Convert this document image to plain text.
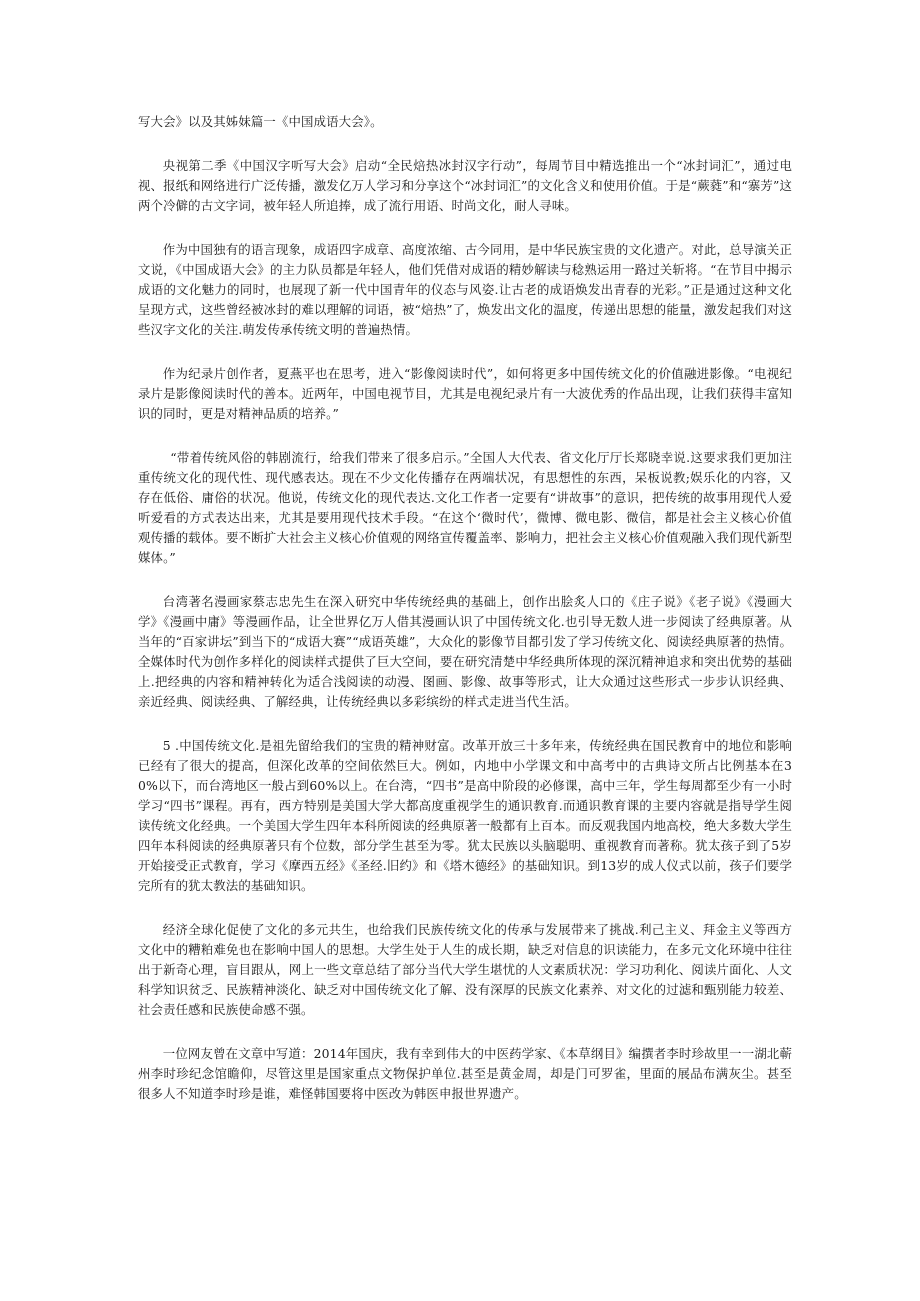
写大会》以及其姊妹篇一《中国成语大会》。

央视第二季《中国汉字听写大会》启动“全民焙热冰封汉字行动”，每周节目中精选推出一个“冰封词汇”，通过电视、报纸和网络进行广泛传播，激发亿万人学习和分享这个“冰封词汇”的文化含义和使用价值。于是“蕨蕤”和“寨芳”这两个冷僻的古文字词，被年轻人所追捧，成了流行用语、时尚文化，耐人寻味。

作为中国独有的语言现象，成语四字成章、高度浓缩、古今同用，是中华民族宝贵的文化遗产。对此，总导演关正文说，《中国成语大会》的主力队员都是年轻人，他们凭借对成语的精妙解读与稔熟运用一路过关斩将。“在节目中揭示成语的文化魅力的同时，也展现了新一代中国青年的仪态与风姿.让古老的成语焕发出青春的光彩。”正是通过这种文化呈现方式，这些曾经被冰封的难以理解的词语，被“焙热”了，焕发出文化的温度，传递出思想的能量，激发起我们对这些汉字文化的关注.萌发传承传统文明的普遍热情。

作为纪录片创作者，夏燕平也在思考，进入“影像阅读时代”，如何将更多中国传统文化的价值融进影像。“电视纪录片是影像阅读时代的善本。近两年，中国电视节目，尤其是电视纪录片有一大波优秀的作品出现，让我们获得丰富知识的同时，更是对精神品质的培养。”

“带着传统风俗的韩剧流行，给我们带来了很多启示。”全国人大代表、省文化厅厅长郑晓幸说.这要求我们更加注重传统文化的现代性、现代感表达。现在不少文化传播存在两端状况，有思想性的东西，呆板说教;娱乐化的内容，又存在低俗、庸俗的状况。他说，传统文化的现代表达.文化工作者一定要有“讲故事”的意识，把传统的故事用现代人爱听爱看的方式表达出来，尤其是要用现代技术手段。“在这个‘微时代’，微博、微电影、微信，都是社会主义核心价值观传播的载体。要不断扩大社会主义核心价值观的网络宣传覆盖率、影响力，把社会主义核心价值观融入我们现代新型媒体。”

台湾著名漫画家蔡志忠先生在深入研究中华传统经典的基础上，创作出脍炙人口的《庄子说》《老子说》《漫画大学》《漫画中庸》等漫画作品，让全世界亿万人借其漫画认识了中国传统文化.也引导无数人进一步阅读了经典原著。从当年的“百家讲坛”到当下的“成语大赛”“成语英雄”，大众化的影像节目都引发了学习传统文化、阅读经典原著的热情。全媒体时代为创作多样化的阅读样式提供了巨大空间，要在研究清楚中华经典所体现的深沉精神追求和突出优势的基础上.把经典的内容和精神转化为适合浅阅读的动漫、图画、影像、故事等形式，让大众通过这些形式一步步认识经典、亲近经典、阅读经典、了解经典，让传统经典以多彩缤纷的样式走进当代生活。

5 .中国传统文化.是祖先留给我们的宝贵的精神财富。改革开放三十多年来，传统经典在国民教育中的地位和影响已经有了很大的提高，但深化改革的空间依然巨大。例如，内地中小学课文和中高考中的古典诗文所占比例基本在30%以下，而台湾地区一般占到60%以上。在台湾，“四书”是高中阶段的必修课，高中三年，学生每周都至少有一小时学习“四书”课程。再有，西方特别是美国大学大都高度重视学生的通识教育.而通识教育课的主要内容就是指导学生阅读传统文化经典。一个美国大学生四年本科所阅读的经典原著一般都有上百本。而反观我国内地高校，绝大多数大学生四年本科阅读的经典原著只有个位数，部分学生甚至为零。犹太民族以头脑聪明、重视教育而著称。犹太孩子到了5岁开始接受正式教育，学习《摩西五经》《圣经.旧约》和《塔木德经》的基础知识。到13岁的成人仪式以前，孩子们要学完所有的犹太教法的基础知识。

经济全球化促使了文化的多元共生，也给我们民族传统文化的传承与发展带来了挑战.利己主义、拜金主义等西方文化中的糟粕难免也在影响中国人的思想。大学生处于人生的成长期，缺乏对信息的识读能力，在多元文化环境中往往出于新奇心理，盲目跟从，网上一些文章总结了部分当代大学生堪忧的人文素质状况：学习功利化、阅读片面化、人文科学知识贫乏、民族精神淡化、缺乏对中国传统文化了解、没有深厚的民族文化素养、对文化的过滤和甄别能力较差、社会责任感和民族使命感不强。

一位网友曾在文章中写道：2014年国庆，我有幸到伟大的中医药学家、《本草纲目》编撰者李时珍故里一一湖北蕲州李时珍纪念馆瞻仰，尽管这里是国家重点文物保护单位.甚至是黄金周，却是门可罗雀，里面的展品布满灰尘。甚至很多人不知道李时珍是谁，难怪韩国要将中医改为韩医申报世界遗产。
